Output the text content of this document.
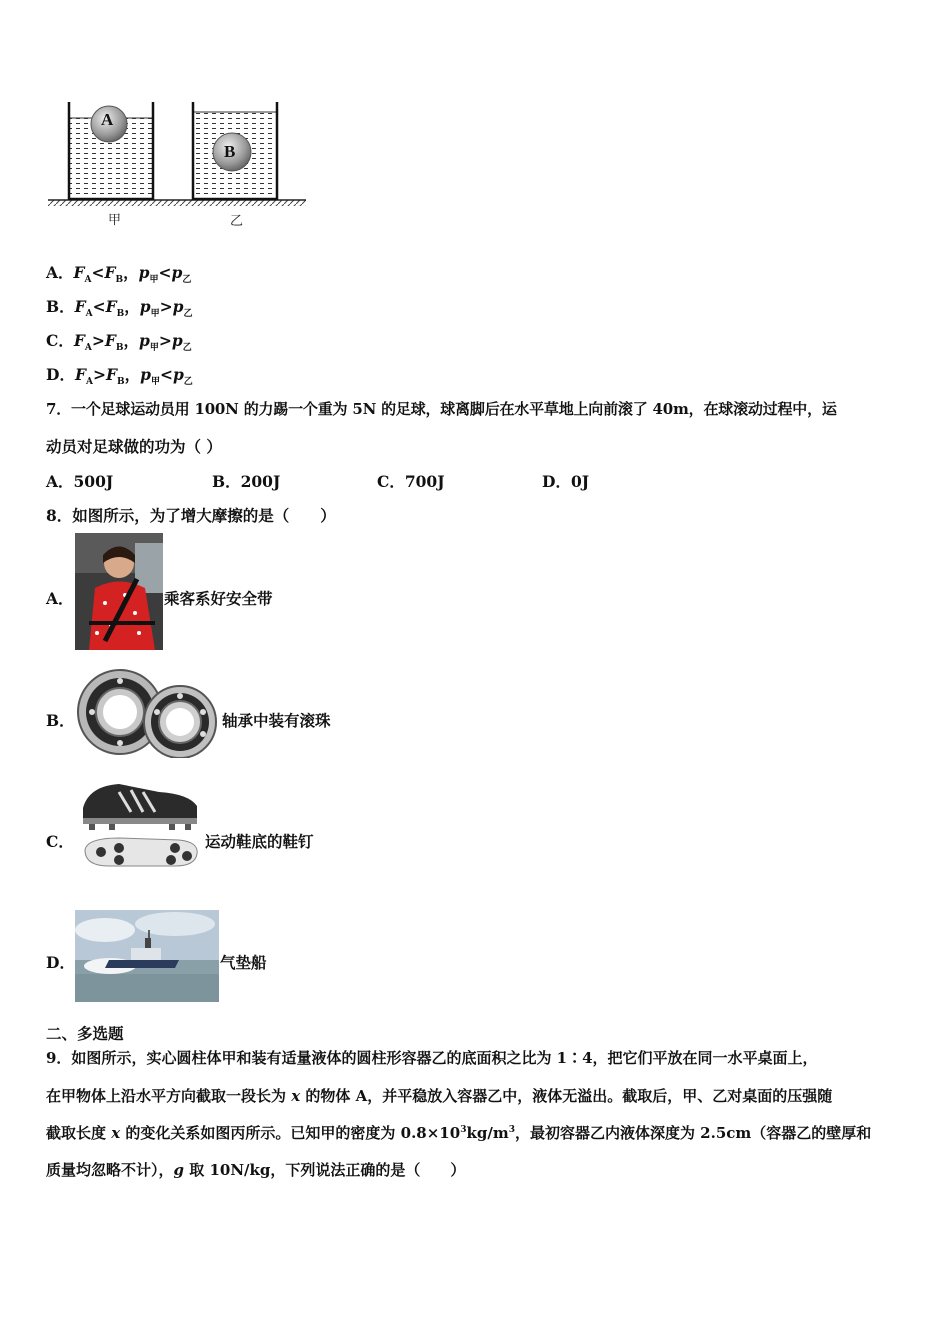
A
B
甲	乙
A．$F_A<F_B$，$p_甲<p_乙$
B．$F_A<F_B$，$p_甲>p_乙$
C．$F_A>F_B$，$p_甲>p_乙$
D．$F_A>F_B$，$p_甲<p_乙$
7．一个足球运动员用 100N 的力踢一个重为 5N 的足球，球离脚后在水平草地上向前滚了 40m，在球滚动过程中，运
动员对足球做的功为（ ）
A．500J	B．200J	C．700J	D．0J
8．如图所示，为了增大摩擦的是（　　）
A．	乘客系好安全带
B．	轴承中装有滚珠
C．	运动鞋底的鞋钉
D．	气垫船
二、多选题
9．如图所示，实心圆柱体甲和装有适量液体的圆柱形容器乙的底面积之比为 1∶4，把它们平放在同一水平桌面上，
在甲物体上沿水平方向截取一段长为 x 的物体 A，并平稳放入容器乙中，液体无溢出。截取后，甲、乙对桌面的压强随
截取长度 x 的变化关系如图丙所示。已知甲的密度为 $0.8\times 10^3kg/m^3$，最初容器乙内液体深度为 2.5cm（容器乙的壁厚和
质量均忽略不计），g 取 10N/kg，下列说法正确的是（　　）
